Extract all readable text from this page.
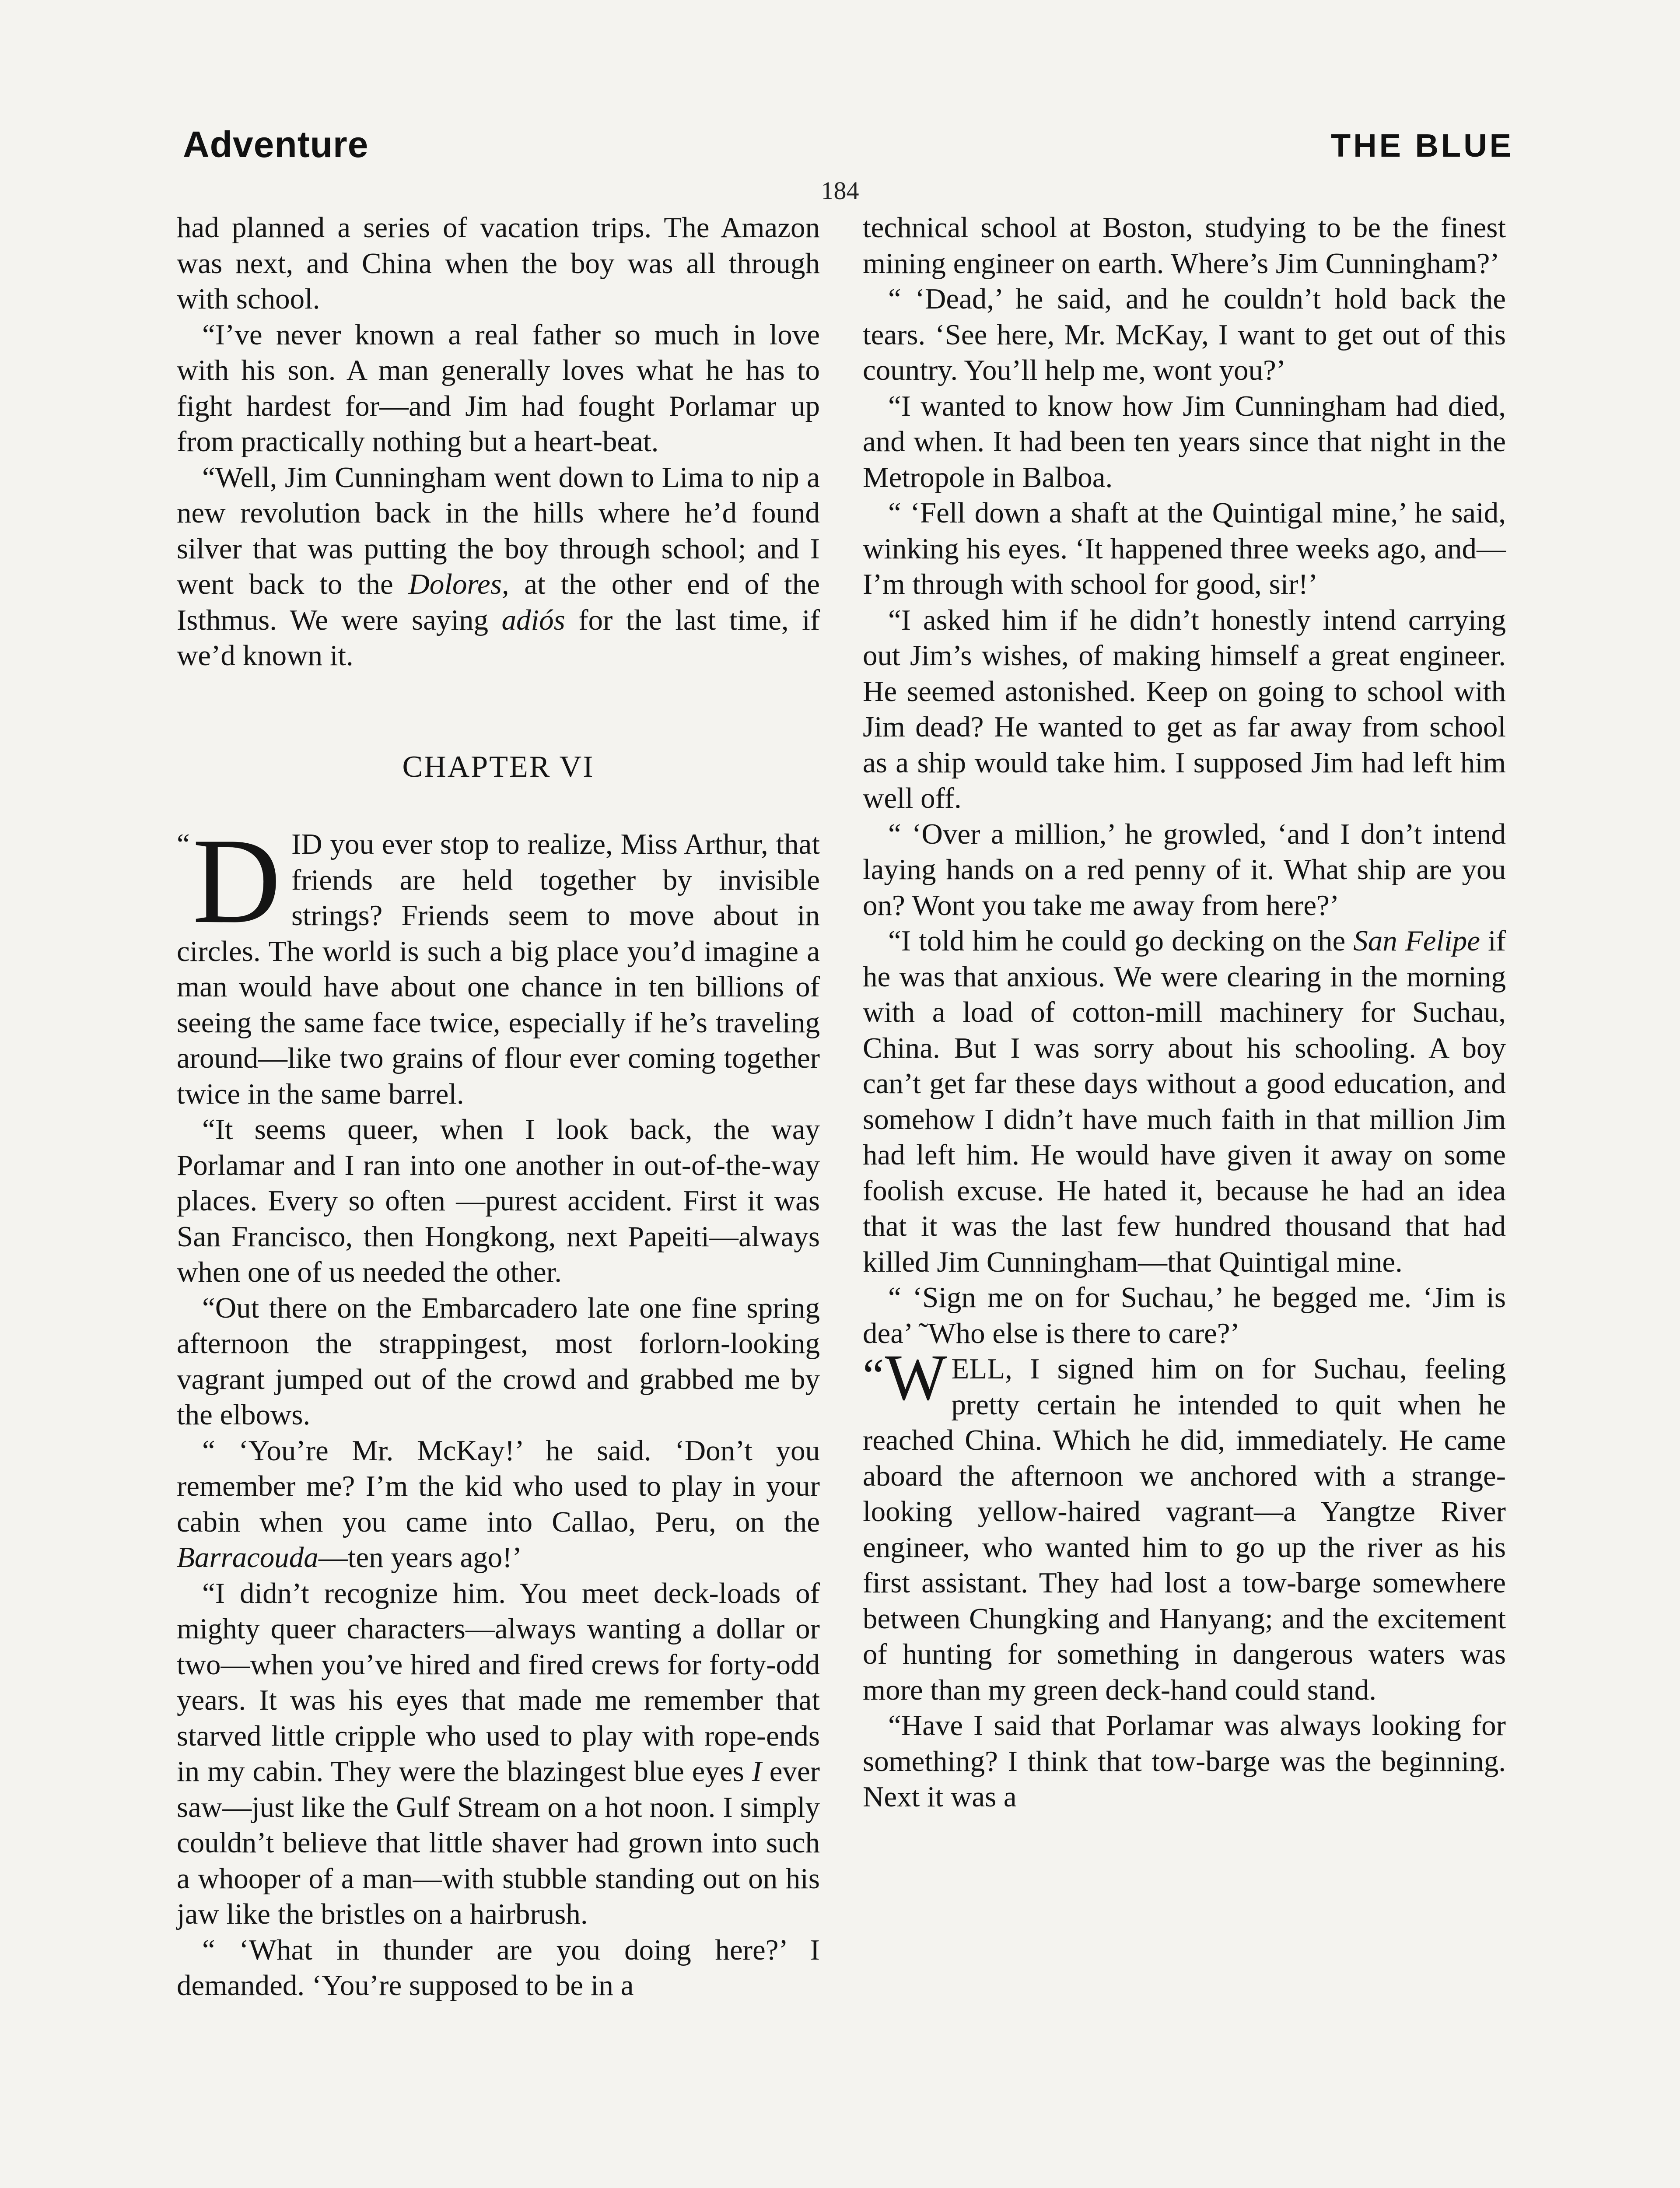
Adventure	THE BLUE
184

had planned a series of vacation trips. The Amazon was next, and China when the boy was all through with school.

“I’ve never known a real father so much in love with his son. A man generally loves what he has to fight hardest for—and Jim had fought Porlamar up from practically nothing but a heart-beat.

“Well, Jim Cunningham went down to Lima to nip a new revolution back in the hills where he’d found silver that was putting the boy through school; and I went back to the Dolores, at the other end of the Isthmus. We were saying adiós for the last time, if we’d known it.

CHAPTER VI

“ D ID you ever stop to realize, Miss Arthur, that friends are held together by invisible strings? Friends seem to move about in circles. The world is such a big place you’d imagine a man would have about one chance in ten billions of seeing the same face twice, especially if he’s traveling around—like two grains of flour ever coming together twice in the same barrel.

“It seems queer, when I look back, the way Porlamar and I ran into one another in out-of-the-way places. Every so often —purest accident. First it was San Francisco, then Hongkong, next Papeiti—always when one of us needed the other.

“Out there on the Embarcadero late one fine spring afternoon the strappingest, most forlorn-looking vagrant jumped out of the crowd and grabbed me by the elbows.

“ ‘You’re Mr. McKay!’ he said. ‘Don’t you remember me? I’m the kid who used to play in your cabin when you came into Callao, Peru, on the Barracouda—ten years ago!’

“I didn’t recognize him. You meet deck-loads of mighty queer characters—always wanting a dollar or two—when you’ve hired and fired crews for forty-odd years. It was his eyes that made me remember that starved little cripple who used to play with rope-ends in my cabin. They were the blazingest blue eyes I ever saw—just like the Gulf Stream on a hot noon. I simply couldn’t believe that little shaver had grown into such a whooper of a man—with stubble standing out on his jaw like the bristles on a hairbrush.

“ ‘What in thunder are you doing here?’ I demanded. ‘You’re supposed to be in a

technical school at Boston, studying to be the finest mining engineer on earth. Where’s Jim Cunningham?’

“ ‘Dead,’ he said, and he couldn’t hold back the tears. ‘See here, Mr. McKay, I want to get out of this country. You’ll help me, wont you?’

“I wanted to know how Jim Cunningham had died, and when. It had been ten years since that night in the Metropole in Balboa.

“ ‘Fell down a shaft at the Quintigal mine,’ he said, winking his eyes. ‘It happened three weeks ago, and—I’m through with school for good, sir!’

“I asked him if he didn’t honestly intend carrying out Jim’s wishes, of making himself a great engineer. He seemed astonished. Keep on going to school with Jim dead? He wanted to get as far away from school as a ship would take him. I supposed Jim had left him well off.

“ ‘Over a million,’ he growled, ‘and I don’t intend laying hands on a red penny of it. What ship are you on? Wont you take me away from here?’

“I told him he could go decking on the San Felipe if he was that anxious. We were clearing in the morning with a load of cotton-mill machinery for Suchau, China. But I was sorry about his schooling. A boy can’t get far these days without a good education, and somehow I didn’t have much faith in that million Jim had left him. He would have given it away on some foolish excuse. He hated it, because he had an idea that it was the last few hundred thousand that had killed Jim Cunningham—that Quintigal mine.

“ ‘Sign me on for Suchau,’ he begged me. ‘Jim is dea’ ˜Who else is there to care?’

“ W ELL, I signed him on for Suchau, feeling pretty certain he intended to quit when he reached China. Which he did, immediately. He came aboard the afternoon we anchored with a strange-looking yellow-haired vagrant—a Yangtze River engineer, who wanted him to go up the river as his first assistant. They had lost a tow-barge somewhere between Chungking and Hanyang; and the excitement of hunting for something in dangerous waters was more than my green deck-hand could stand.

“Have I said that Porlamar was always looking for something? I think that tow-barge was the beginning. Next it was a
